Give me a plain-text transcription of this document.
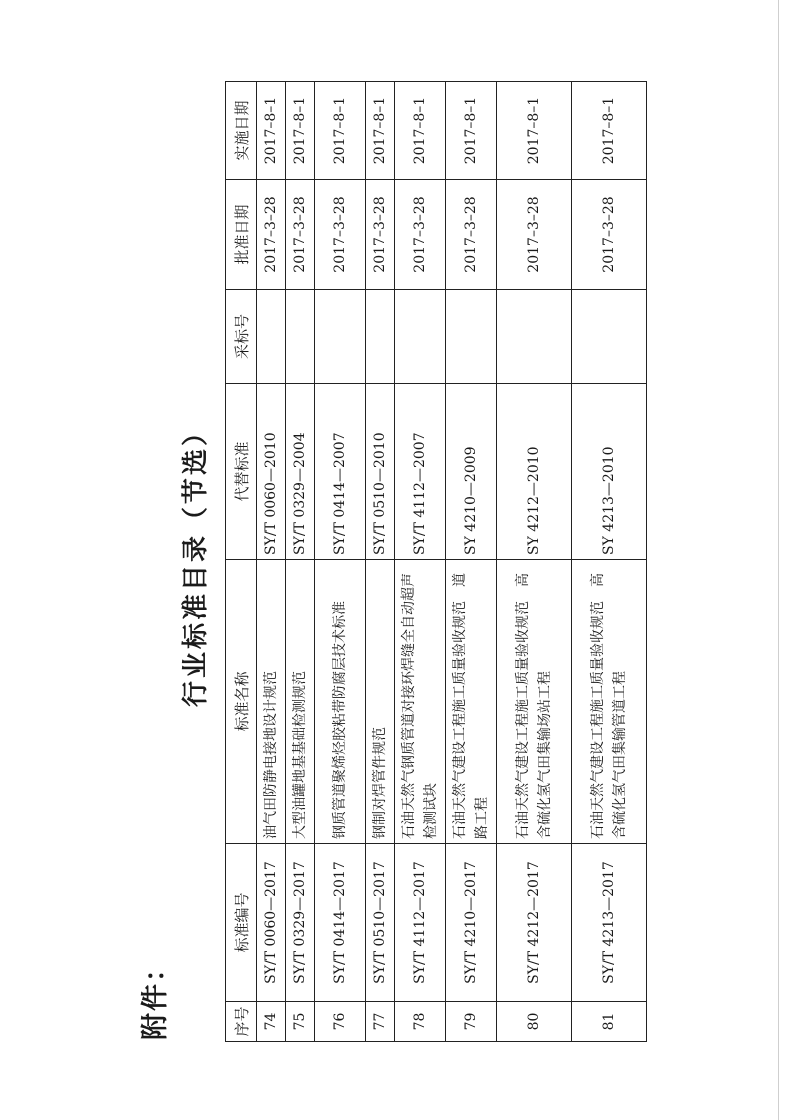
附件：
行业标准目录（节选）
序号	标准编号	标准名称	代替标准	采标号	批准日期	实施日期
74	SY/T 0060—2017	油气田防静电接地设计规范	SY/T 0060—2010		2017–3–28	2017–8–1
75	SY/T 0329—2017	大型油罐地基基础检测规范	SY/T 0329—2004		2017–3–28	2017–8–1
76	SY/T 0414—2017	钢质管道聚烯烃胶粘带防腐层技术标准	SY/T 0414—2007		2017–3–28	2017–8–1
77	SY/T 0510—2017	钢制对焊管件规范	SY/T 0510—2010		2017–3–28	2017–8–1
78	SY/T 4112—2017	石油天然气钢质管道对接环焊缝全自动超声检测试块	SY/T 4112—2007		2017–3–28	2017–8–1
79	SY/T 4210—2017	石油天然气建设工程施工质量验收规范　道路工程	SY 4210—2009		2017–3–28	2017–8–1
80	SY/T 4212—2017	石油天然气建设工程施工质量验收规范　高含硫化氢气田集输场站工程	SY 4212—2010		2017–3–28	2017–8–1
81	SY/T 4213—2017	石油天然气建设工程施工质量验收规范　高含硫化氢气田集输管道工程	SY 4213—2010		2017–3–28	2017–8–1
